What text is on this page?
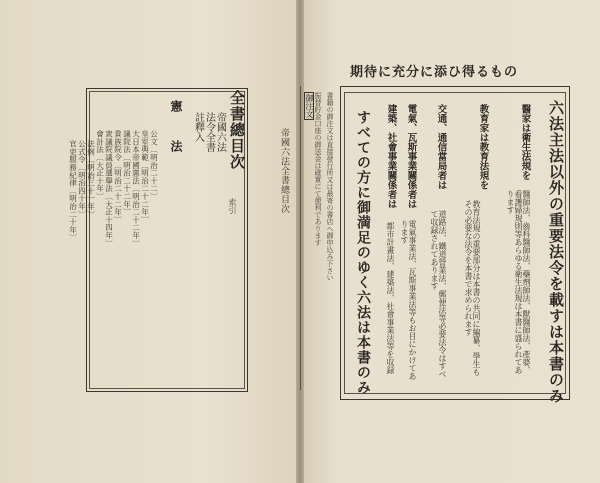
帝國六法全書總目次
全書總目次
帝國六法
法令全書
註釋入
索引
憲
法
公文〔明治二十二〕
皇室典範〔明治二十二年〕
大日本帝國憲法〔明治二十二年〕
議院法〔明治二十二年〕
貴族院令〔明治二十二年〕
衆議院議員選擧法〔大正十四年〕
會計法〔大正十年〕
法例〔明治三十一年〕
公式令〔明治四十年〕
官吏服務紀律〔明治二十年〕
期待に充分に添ひ得るもの
六法主法以外の重要法令を載すは本書のみ
醫家は衛生法規を
醫師法、齒科醫師法、藥劑師法、獸醫師法、產婆、看護婦規則等あらゆる衛生法規は本書に盛られてあります
教育家は教育法規を
教育法規の重要部分は本書の共同に編纂、學生もその必要な法令を本書で求められます
交通、通信當局者は
道路法、鐵道營業法、郵便法等必要法令はすべて収録されてあります
電氣、瓦斯事業關係者は
電氣事業法、瓦斯事業法等もお目にかけてあります
建築、社會事業關係者は
都市計畫法、建築法、社會事業法等を収録
すべての方に御満足のゆく六法は本書のみ
御注文 書籍の御注文は直接發行所又は最寄の書店へ御申込み下さい
振替貯金口座の御送金は確實にて便利であります
